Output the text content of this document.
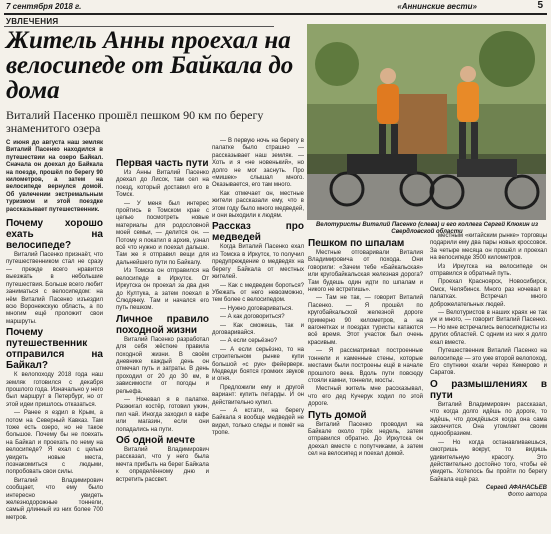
7 сентября 2018 г.	«Аннинские вести»	5
УВЛЕЧЕНИЯ
Житель Анны проехал на велосипеде от Байкала до дома
Виталий Пасенко прошёл пешком 90 км по берегу знаменитого озера
Велотуристы Виталий Пасенко (слева) и его коллега Сергей Клюкин из Свердловской области

С июня до августа наш земляк Виталий Пасенко находился в путешествии на озеро Байкал. Сначала он доехал до Байкала на поезде, прошёл по берегу 90 километров, а затем на велосипеде вернулся домой. Об увлечении экстремальным туризмом и этой поездке рассказывает путешественник.

Почему хорошо ехать на велосипеде?

Виталий Пасенко признаёт, что путешественником стал не сразу — прежде всего нравится выезжать в небольшие путешествия. Больше всего любит заниматься с велосипедом: на нём Виталий Пасенко изъездил всю Воронежскую область, а по многим ещё проложит свои маршруты.

Почему путешественник отправился на Байкал?

К велопоходу 2018 года наш земляк готовился с декабря прошлого года. Изначально у него был маршрут в Петербург, но от этой идеи пришлось отказаться.

— Ранее я ездил в Крым, а потом на Северный Кавказ. Там тоже есть озеро, но не такое большое. Почему бы не поехать на Байкал и проехать по нему на велосипеде? Я ехал с целью увидеть новые места, познакомиться с людьми, попробовать свои силы.

Виталий Владимирович сообщает, что ему было интересно увидеть железнодорожные тоннели, самый длинный из них более 700 метров.

Первая часть пути

Из Анны Виталий Пасенко доехал до Лисок, там сел на поезд, который доставил его в Томск.

— У меня был интерес пройтись в Томском крае с целью посмотреть новые материалы для родословной моей семьи, — делится он. — Потому я покатил в архив, узнал всё что нужно и поехал дальше. Там же я отправил вещи для дальнейшего пути по Байкалу.

Из Томска он отправился на велосипеде в Иркутск. От Иркутска он проехал за два дня до Култука, а затем поехал в Слюдянку. Там и начался его путь пешком.

Личное правило походной жизни

Виталий Пасенко разработал для себя жёсткие правила походной жизни. В своём дневнике каждый день он отмечал путь и затраты. В день проходил от 20 до 30 км, в зависимости от погоды и рельефа.

— Ночевал я в палатке. Разжигал костёр, готовил ужин, пил чай. Иногда заходил в кафе или магазин, если они попадались на пути.

Об одной мечте

Виталий Владимирович рассказал, что у него была мечта прибыть на берег Байкала к определённому дню и встретить рассвет.

— В первую ночь на берегу в палатке было страшно — рассказывает наш земляк. — Хоть и я «не новенький», но долго не мог заснуть. Про «мишек» слышал много. Оказывается, его там много.

Как отмечает он, местные жители рассказали ему, что в этом году было много медведей, и они выходили к людям.

Рассказ про медведей

Когда Виталий Пасенко ехал из Томска в Иркутск, то получил предупреждение о медведях на берегу Байкала от местных жителей.

— Как с медведем бороться? Убежать от него невозможно, тем более с велосипедом.

— Нужно договариваться.

— А как договориться?

— Как сможешь, так и договаривайся.

— А если серьёзно?

— А если серьёзно, то на строительном рынке купи большой «с рук» фейерверк. Медведи боятся громких звуков и огня.

Предложили ему и другой вариант: купить петарды. И он действительно купил.

— А кстати, на берегу Байкала я вообще медведей не видел, только следы и помёт на тропе.

Пешком по шпалам

Местные отговаривали Виталия Владимировича от похода. Они говорили: «Зачем тебе «Байкальская» или кругобайкальская железная дорога? Там будешь один идти по шпалам и никого не встретишь».

— Там не так, — говорит Виталий Пасенко. — Я прошёл по кругобайкальской железной дороге примерно 90 километров, а на вагонетках и поездах туристы катаются всё время. Этот участок был очень красивым.

— Я рассматривал построенные тоннели и каменные стены, которые местами были построены ещё в начале прошлого века. Вдоль пути повсюду стояли камни, тоннели, мосты.

Местный житель мне рассказывал, что его дед Кучерук ходил по этой дороге.

Путь домой

Виталий Пасенко проводил на Байкале около трёх недель, затем отправился обратно. До Иркутска он доехал вместе с попутчиками, а затем сел на велосипед и поехал домой.

местным «китайским рынке» торговцы подарили ему два пары новых кроссовок. За четыре месяца он прошёл и проехал на велосипеде 3500 километров.

Из Иркутска на велосипеде он отправился в обратный путь.

Проехал Красноярск, Новосибирск, Омск, Челябинск. Много раз ночевал в палатках. Встречал много доброжелательных людей.

— Велотуристов в наших краях не так уж и много, — говорит Виталий Пасенко. — Но мне встречались велосипедисты из других областей. С одним из них я долго ехал вместе.

Путешественник Виталий Пасенко на велосипеде — это уже второй велопоход. Его спутники ехали через Кемерово и Саратов.

О размышлениях в пути

Виталий Владимирович рассказал, что когда долго идёшь по дороге, то ждёшь, что дождёшься когда она сама закончится. Она утомляет своим однообразием.

— Но когда останавливаешься, смотришь вокруг, то видишь удивительную красоту. Это действительно достойно того, чтобы её увидеть. Хотелось бы пройти по берегу Байкала ещё раз.

Сергей АФАНАСЬЕВ

Фото автора
